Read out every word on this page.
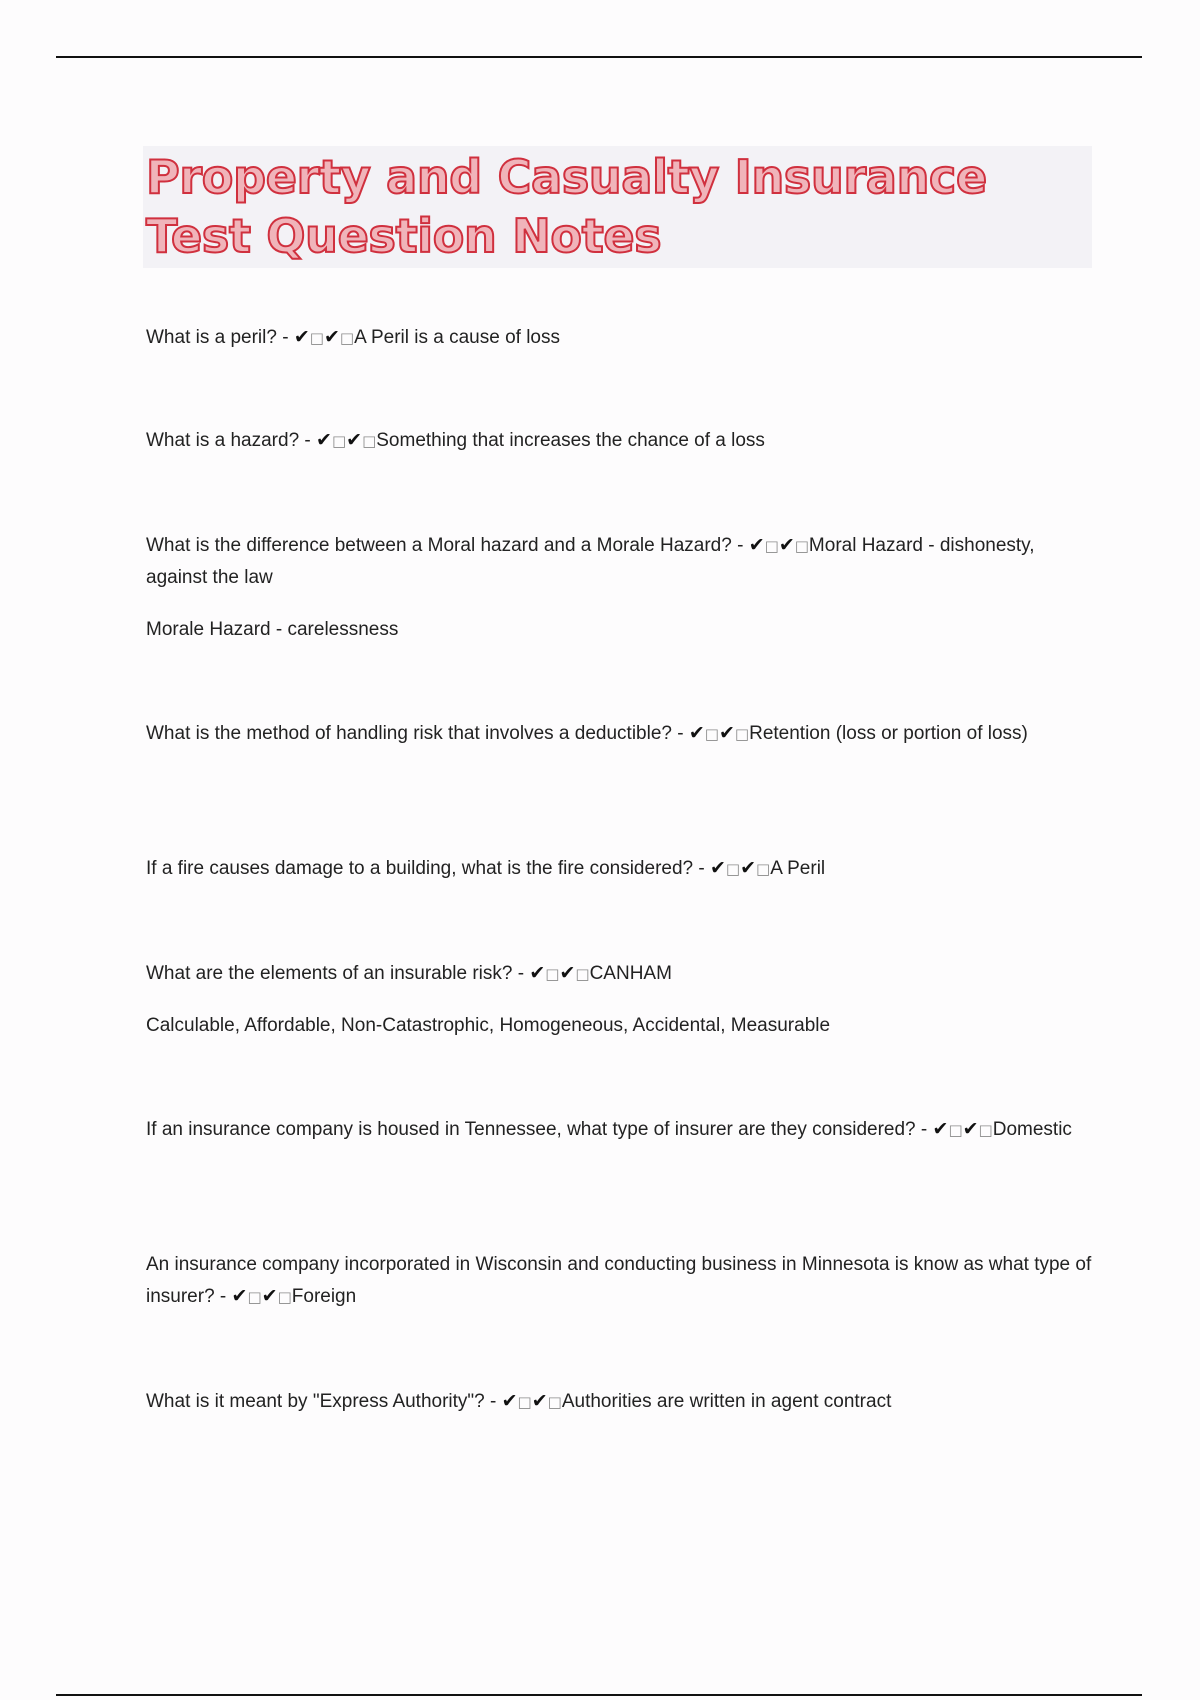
Property and Casualty Insurance Test Question Notes

What is a peril? - ✔□✔□A Peril is a cause of loss

What is a hazard? - ✔□✔□Something that increases the chance of a loss

What is the difference between a Moral hazard and a Morale Hazard? - ✔□✔□Moral Hazard - dishonesty, against the law

Morale Hazard - carelessness

What is the method of handling risk that involves a deductible? - ✔□✔□Retention (loss or portion of loss)

If a fire causes damage to a building, what is the fire considered? - ✔□✔□A Peril

What are the elements of an insurable risk? - ✔□✔□CANHAM

Calculable, Affordable, Non-Catastrophic, Homogeneous, Accidental, Measurable

If an insurance company is housed in Tennessee, what type of insurer are they considered? - ✔□✔□Domestic

An insurance company incorporated in Wisconsin and conducting business in Minnesota is know as what type of insurer? - ✔□✔□Foreign

What is it meant by "Express Authority"? - ✔□✔□Authorities are written in agent contract
